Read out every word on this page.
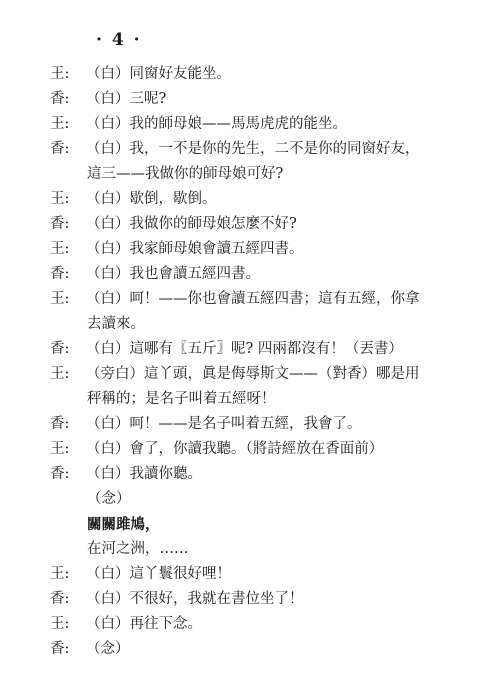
· 4 ·
王:	（白）同窗好友能坐。
香:	（白）三呢?
王:	（白）我的師母娘——馬馬虎虎的能坐。
香:	（白）我，一不是你的先生，二不是你的同窗好友，
這三——我做你的師母娘可好?
王:	（白）歇倒，歇倒。
香:	（白）我做你的師母娘怎麼不好?
王:	（白）我家師母娘會讀五經四書。
香:	（白）我也會讀五經四書。
王:	（白）呵！——你也會讀五經四書；這有五經，你拿
去讀來。
香:	（白）這哪有〖五斤〗呢? 四兩都沒有！（丟書）
王:	（旁白）這丫頭，眞是侮辱斯文——（對香）哪是用
秤稱的；是名子叫着五經呀！
香:	（白）呵！——是名子叫着五經，我會了。
王:	（白）會了，你讀我聽。（將詩經放在香面前）
香:	（白）我讀你聽。
（念）
關關雎鳩，
在河之洲，……
王:	（白）這丫鬟很好哩！
香:	（白）不很好，我就在書位坐了！
王:	（白）再往下念。
香:	（念）
